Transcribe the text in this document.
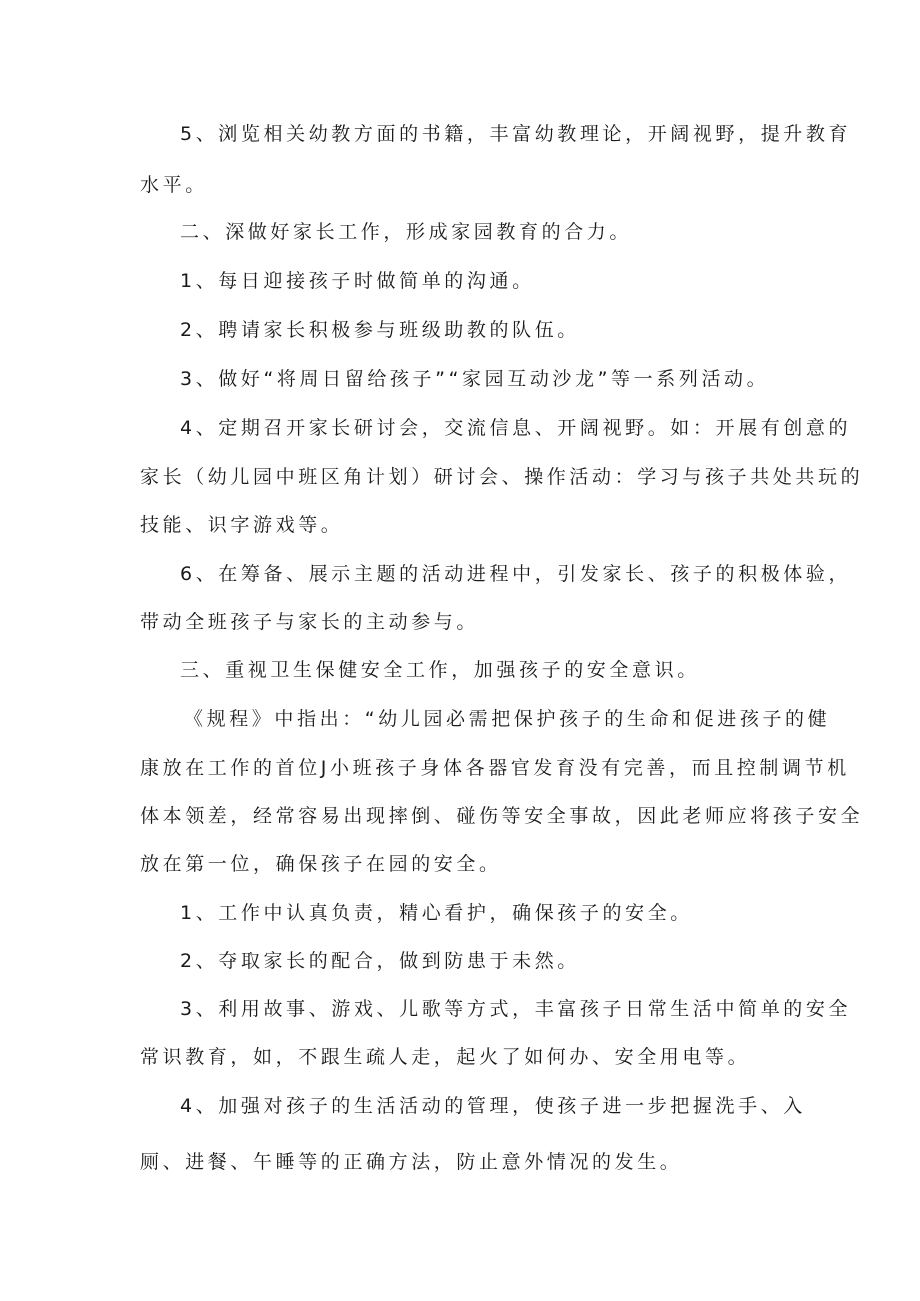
5、浏览相关幼教方面的书籍，丰富幼教理论，开阔视野，提升教育

水平。

二、深做好家长工作，形成家园教育的合力。

1、每日迎接孩子时做简单的沟通。

2、聘请家长积极参与班级助教的队伍。

3、做好“将周日留给孩子”“家园互动沙龙”等一系列活动。

4、定期召开家长研讨会，交流信息、开阔视野。如：开展有创意的

家长（幼儿园中班区角计划）研讨会、操作活动：学习与孩子共处共玩的

技能、识字游戏等。

6、在筹备、展示主题的活动进程中，引发家长、孩子的积极体验，

带动全班孩子与家长的主动参与。

三、重视卫生保健安全工作，加强孩子的安全意识。

《规程》中指出：“幼儿园必需把保护孩子的生命和促进孩子的健

康放在工作的首位J小班孩子身体各器官发育没有完善，而且控制调节机

体本领差，经常容易出现摔倒、碰伤等安全事故，因此老师应将孩子安全

放在第一位，确保孩子在园的安全。

1、工作中认真负责，精心看护，确保孩子的安全。

2、夺取家长的配合，做到防患于未然。

3、利用故事、游戏、儿歌等方式，丰富孩子日常生活中简单的安全

常识教育，如，不跟生疏人走，起火了如何办、安全用电等。

4、加强对孩子的生活活动的管理，使孩子进一步把握洗手、入

厕、进餐、午睡等的正确方法，防止意外情况的发生。
